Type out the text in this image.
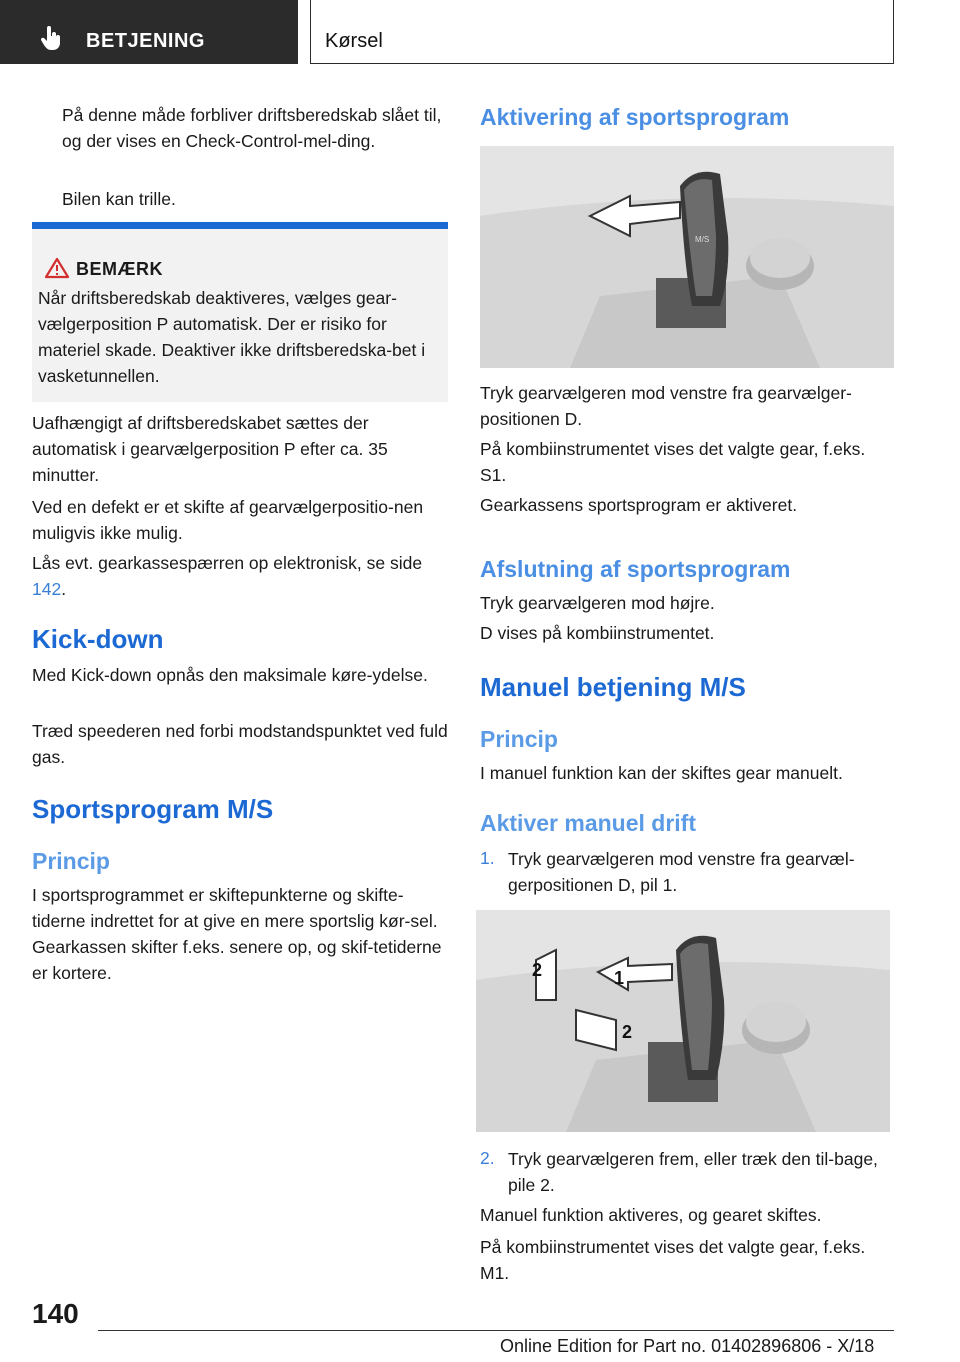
BETJENING	Kørsel

På denne måde forbliver driftsberedskab slået til, og der vises en Check-Control-mel-ding.

Bilen kan trille.

BEMÆRK
Når driftsberedskab deaktiveres, vælges gear-vælgerposition P automatisk. Der er risiko for materiel skade. Deaktiver ikke driftsberedska-bet i vasketunnellen.

Uafhængigt af driftsberedskabet sættes der automatisk i gearvælgerposition P efter ca. 35 minutter.

Ved en defekt er et skifte af gearvælgerpositio-nen muligvis ikke mulig.

Lås evt. gearkassespærren op elektronisk, se side 142.

Kick-down

Med Kick-down opnås den maksimale køre-ydelse.

Træd speederen ned forbi modstandspunktet ved fuld gas.

Sportsprogram M/S
Princip

I sportsprogrammet er skiftepunkterne og skifte-tiderne indrettet for at give en mere sportslig kør-sel. Gearkassen skifter f.eks. senere op, og skif-tetiderne er kortere.

Aktivering af sportsprogram
M/S

Tryk gearvælgeren mod venstre fra gearvælger-positionen D.

På kombiinstrumentet vises det valgte gear, f.eks. S1.

Gearkassens sportsprogram er aktiveret.

Afslutning af sportsprogram

Tryk gearvælgeren mod højre.

D vises på kombiinstrumentet.

Manuel betjening M/S
Princip

I manuel funktion kan der skiftes gear manuelt.

Aktiver manuel drift
1. Tryk gearvælgeren mod venstre fra gearvæl-gerpositionen D, pil 1.

1
2
2
2. Tryk gearvælgeren frem, eller træk den til-bage, pile 2.

Manuel funktion aktiveres, og gearet skiftes.

På kombiinstrumentet vises det valgte gear, f.eks. M1.

140
Online Edition for Part no. 01402896806 - X/18
